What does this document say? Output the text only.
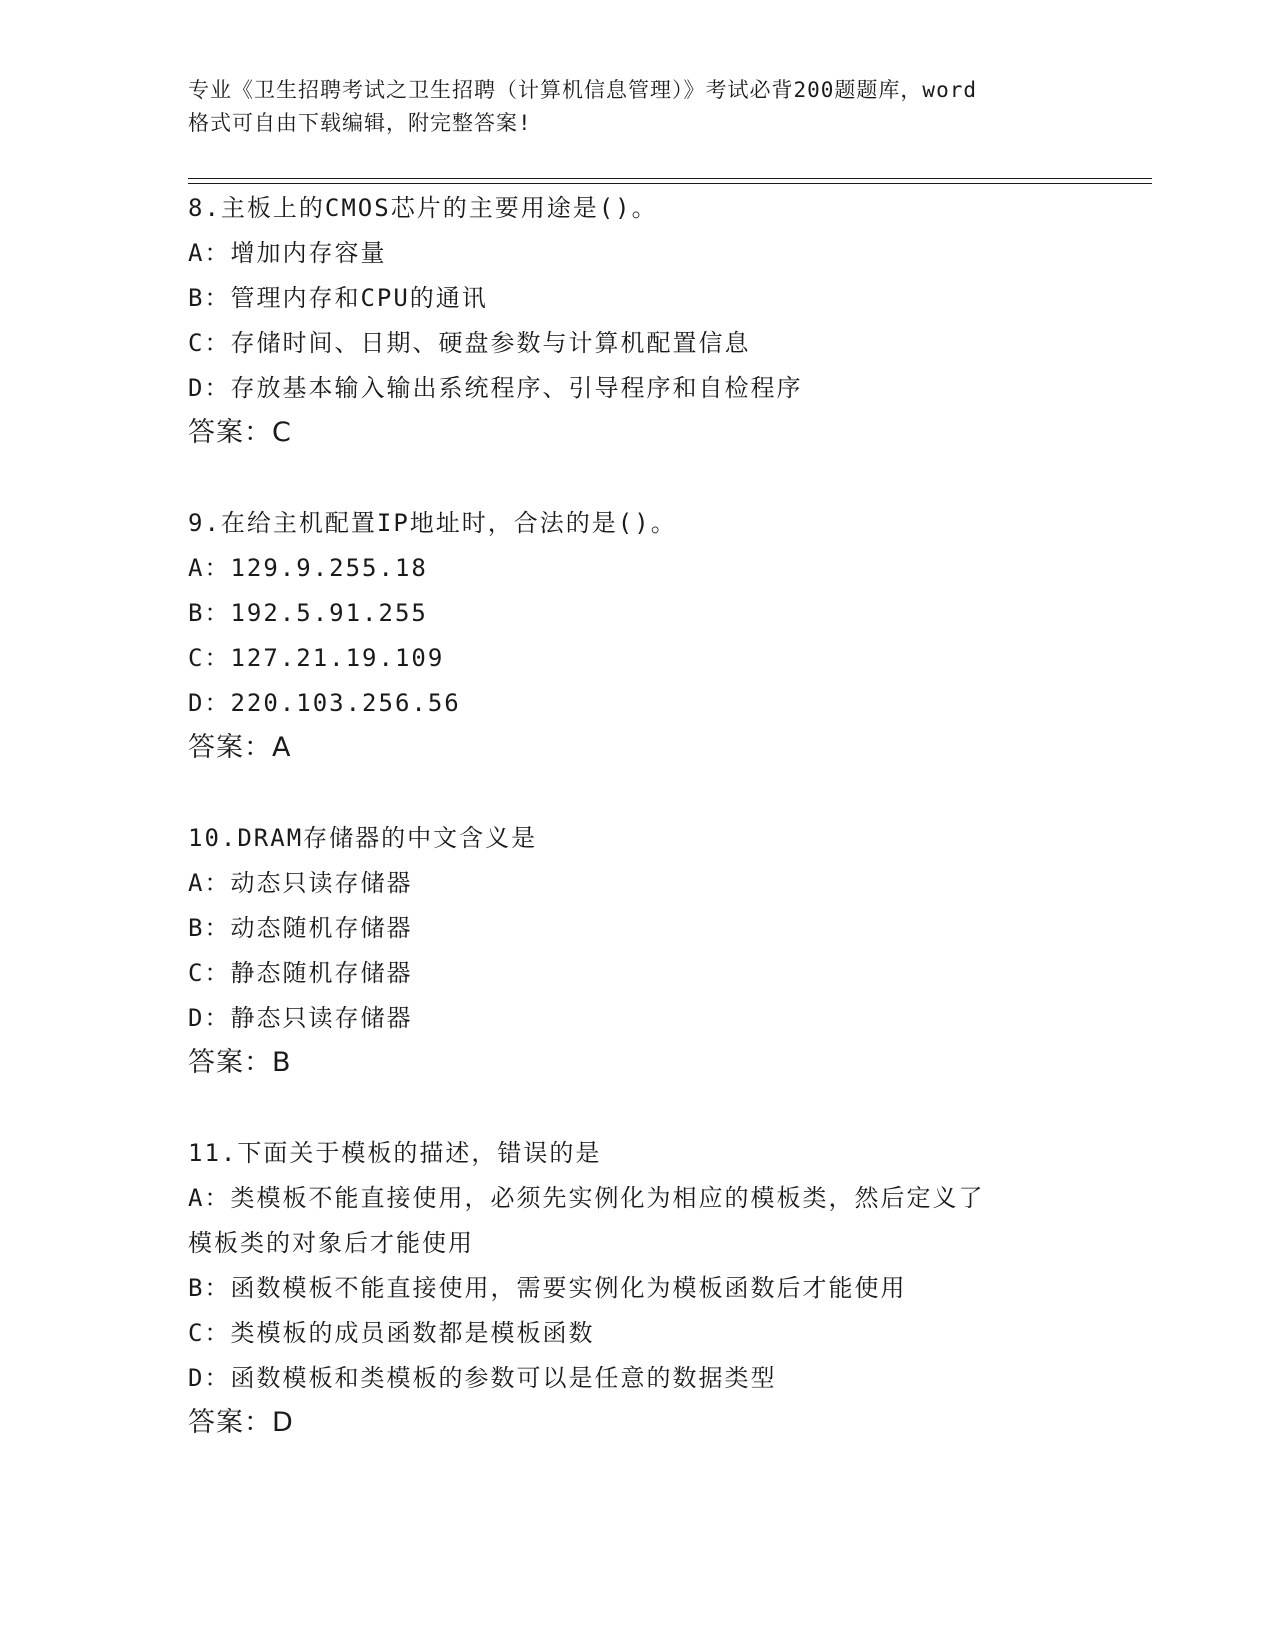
专业《卫生招聘考试之卫生招聘（计算机信息管理）》考试必背200题题库，word
格式可自由下载编辑，附完整答案!
8.主板上的CMOS芯片的主要用途是()。
A：增加内存容量
B：管理内存和CPU的通讯
C：存储时间、日期、硬盘参数与计算机配置信息
D：存放基本输入输出系统程序、引导程序和自检程序
答案：C
9.在给主机配置IP地址时，合法的是()。
A：129.9.255.18
B：192.5.91.255
C：127.21.19.109
D：220.103.256.56
答案：A
10.DRAM存储器的中文含义是
A：动态只读存储器
B：动态随机存储器
C：静态随机存储器
D：静态只读存储器
答案：B
11.下面关于模板的描述，错误的是
A：类模板不能直接使用，必须先实例化为相应的模板类，然后定义了
模板类的对象后才能使用
B：函数模板不能直接使用，需要实例化为模板函数后才能使用
C：类模板的成员函数都是模板函数
D：函数模板和类模板的参数可以是任意的数据类型
答案：D
